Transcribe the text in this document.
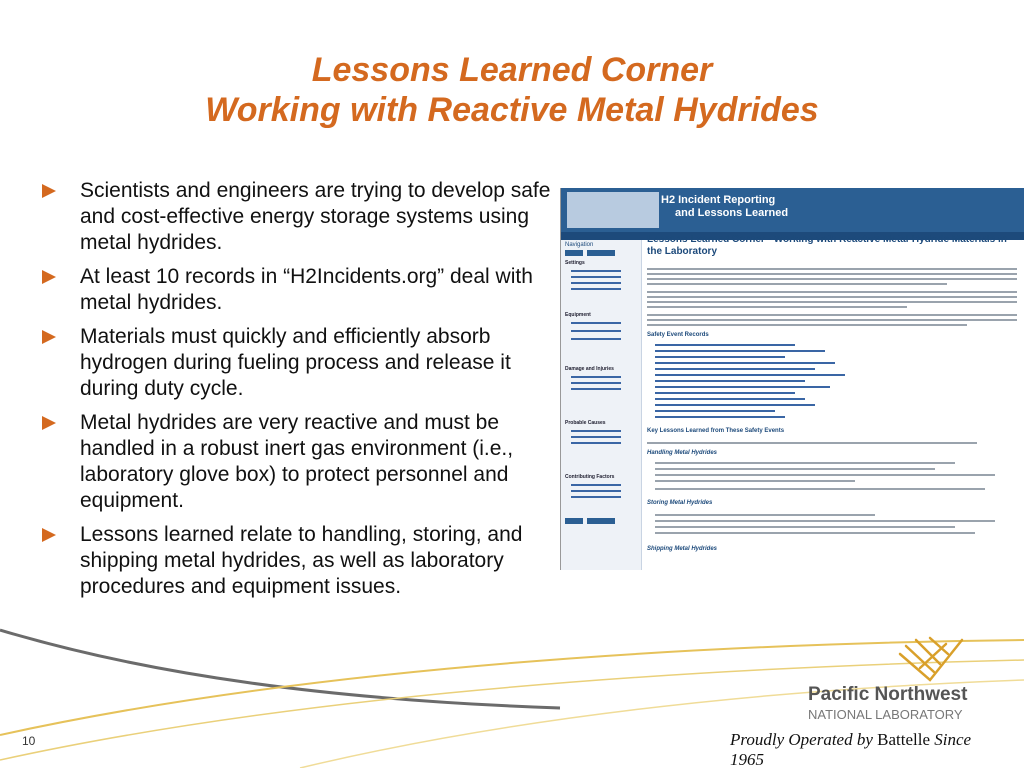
Lessons Learned Corner
Working with Reactive Metal Hydrides
Scientists and engineers are trying to develop safe and cost-effective energy storage systems using metal hydrides.
At least 10 records in “H2Incidents.org” deal with metal hydrides.
Materials must quickly and efficiently absorb hydrogen during fueling process and release it during duty cycle.
Metal hydrides are very reactive and must be handled in a robust inert gas environment (i.e., laboratory glove box) to protect personnel and equipment.
Lessons learned relate to handling, storing, and shipping metal hydrides, as well as laboratory procedures and equipment issues.
H2 Incident Reporting
and Lessons Learned
Navigation
Settings
Equipment
Damage and Injuries
Probable Causes
Contributing Factors
Lessons Learned Corner - Working with Reactive Metal-Hydride Materials in the Laboratory
Safety Event Records
Key Lessons Learned from These Safety Events
Handling Metal Hydrides
Storing Metal Hydrides
Shipping Metal Hydrides
Pacific Northwest
NATIONAL LABORATORY
Proudly Operated by Battelle Since 1965
10
